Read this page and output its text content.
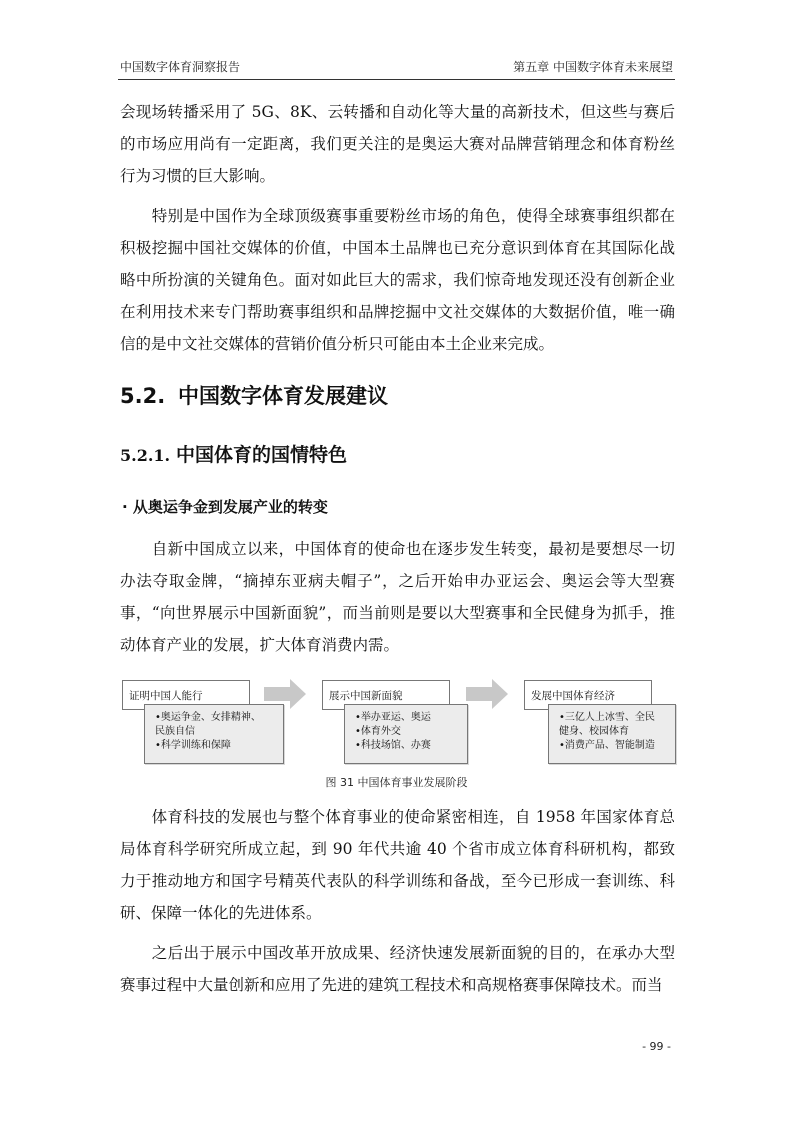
中国数字体育洞察报告	第五章 中国数字体育未来展望

会现场转播采用了 5G、8K、云转播和自动化等大量的高新技术，但这些与赛后的市场应用尚有一定距离，我们更关注的是奥运大赛对品牌营销理念和体育粉丝行为习惯的巨大影响。

　　特别是中国作为全球顶级赛事重要粉丝市场的角色，使得全球赛事组织都在积极挖掘中国社交媒体的价值，中国本土品牌也已充分意识到体育在其国际化战略中所扮演的关键角色。面对如此巨大的需求，我们惊奇地发现还没有创新企业在利用技术来专门帮助赛事组织和品牌挖掘中文社交媒体的大数据价值，唯一确信的是中文社交媒体的营销价值分析只可能由本土企业来完成。

5.2. 中国数字体育发展建议
5.2.1. 中国体育的国情特色
· 从奥运争金到发展产业的转变

　　自新中国成立以来，中国体育的使命也在逐步发生转变，最初是要想尽一切办法夺取金牌，“摘掉东亚病夫帽子”，之后开始申办亚运会、奥运会等大型赛事，“向世界展示中国新面貌”，而当前则是要以大型赛事和全民健身为抓手，推动体育产业的发展，扩大体育消费内需。

证明中国人能行
•奥运争金、女排精神、
民族自信
•科学训练和保障
展示中国新面貌
•举办亚运、奥运
•体育外交
•科技场馆、办赛
发展中国体育经济
•三亿人上冰雪、全民
健身、校园体育
•消费产品、智能制造
图 31 中国体育事业发展阶段

　　体育科技的发展也与整个体育事业的使命紧密相连，自 1958 年国家体育总局体育科学研究所成立起，到 90 年代共逾 40 个省市成立体育科研机构，都致力于推动地方和国字号精英代表队的科学训练和备战，至今已形成一套训练、科研、保障一体化的先进体系。

　　之后出于展示中国改革开放成果、经济快速发展新面貌的目的，在承办大型赛事过程中大量创新和应用了先进的建筑工程技术和高规格赛事保障技术。而当

- 99 -
